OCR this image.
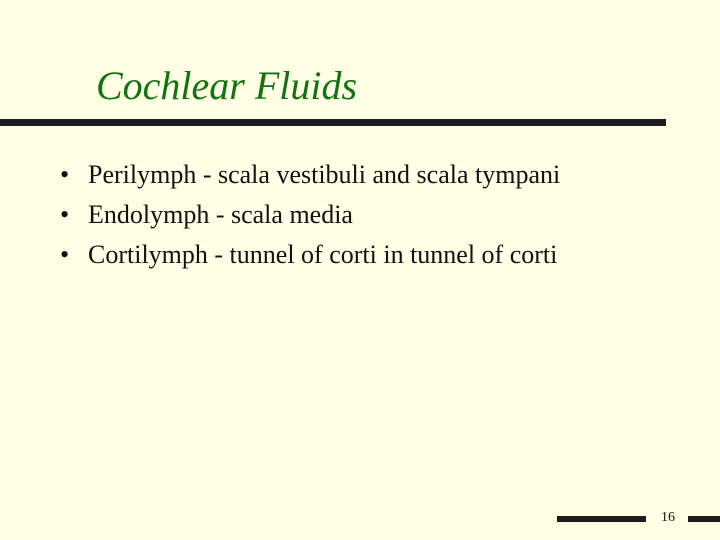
Cochlear Fluids
• Perilymph - scala vestibuli and scala tympani
• Endolymph - scala media
• Cortilymph - tunnel of corti in tunnel of corti
16
